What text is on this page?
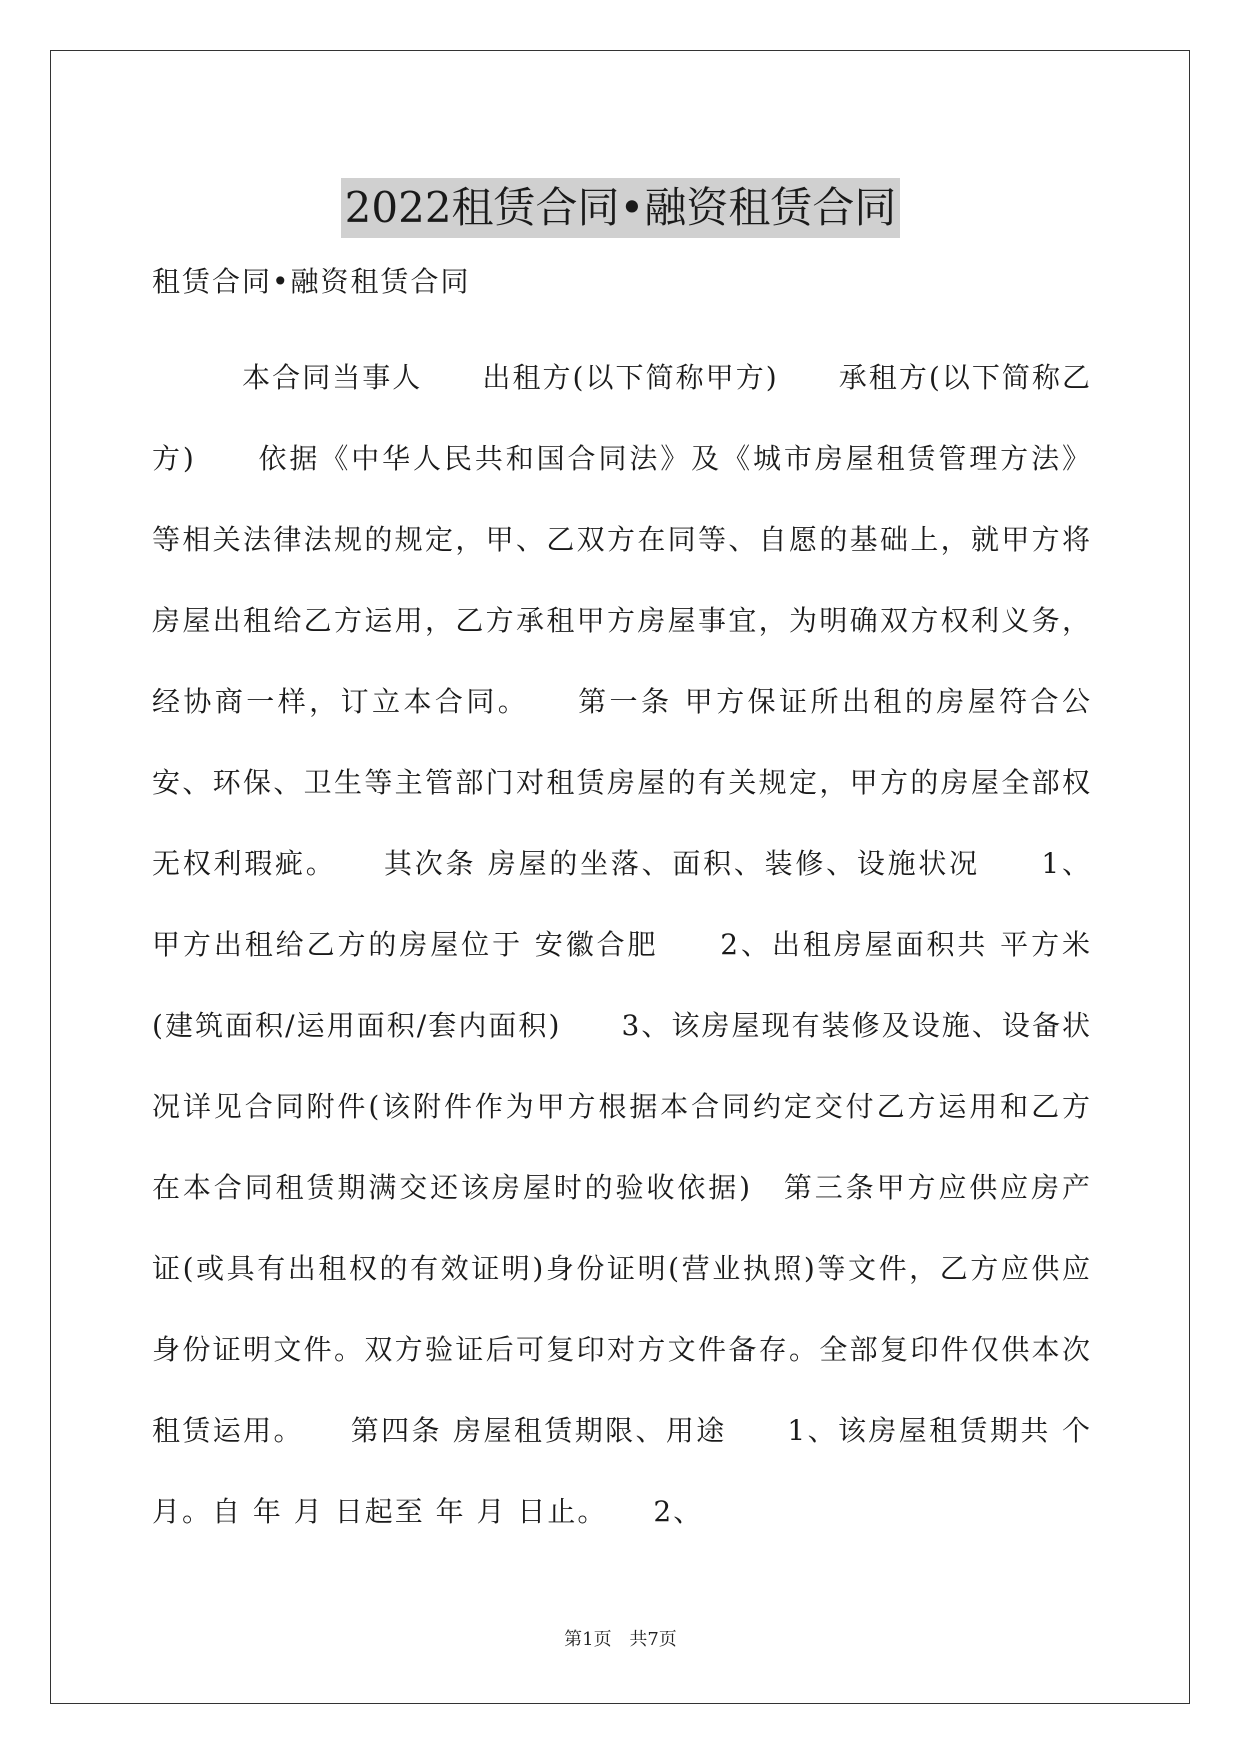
2022租赁合同•融资租赁合同
租赁合同•融资租赁合同

　　　本合同当事人　　出租方(以下简称甲方)　　承租方(以下简称乙方)　　依据《中华人民共和国合同法》及《城市房屋租赁管理方法》等相关法律法规的规定，甲、乙双方在同等、自愿的基础上，就甲方将房屋出租给乙方运用，乙方承租甲方房屋事宜，为明确双方权利义务，经协商一样，订立本合同。　　第一条 甲方保证所出租的房屋符合公安、环保、卫生等主管部门对租赁房屋的有关规定，甲方的房屋全部权无权利瑕疵。　　其次条 房屋的坐落、面积、装修、设施状况　　1、甲方出租给乙方的房屋位于 安徽合肥　　2、出租房屋面积共 平方米(建筑面积/运用面积/套内面积)　　3、该房屋现有装修及设施、设备状况详见合同附件(该附件作为甲方根据本合同约定交付乙方运用和乙方在本合同租赁期满交还该房屋时的验收依据)　第三条甲方应供应房产证(或具有出租权的有效证明)身份证明(营业执照)等文件，乙方应供应身份证明文件。双方验证后可复印对方文件备存。全部复印件仅供本次租赁运用。　　第四条 房屋租赁期限、用途　　1、该房屋租赁期共 个月。自 年 月 日起至 年 月 日止。　　2、

第1页 共7页
